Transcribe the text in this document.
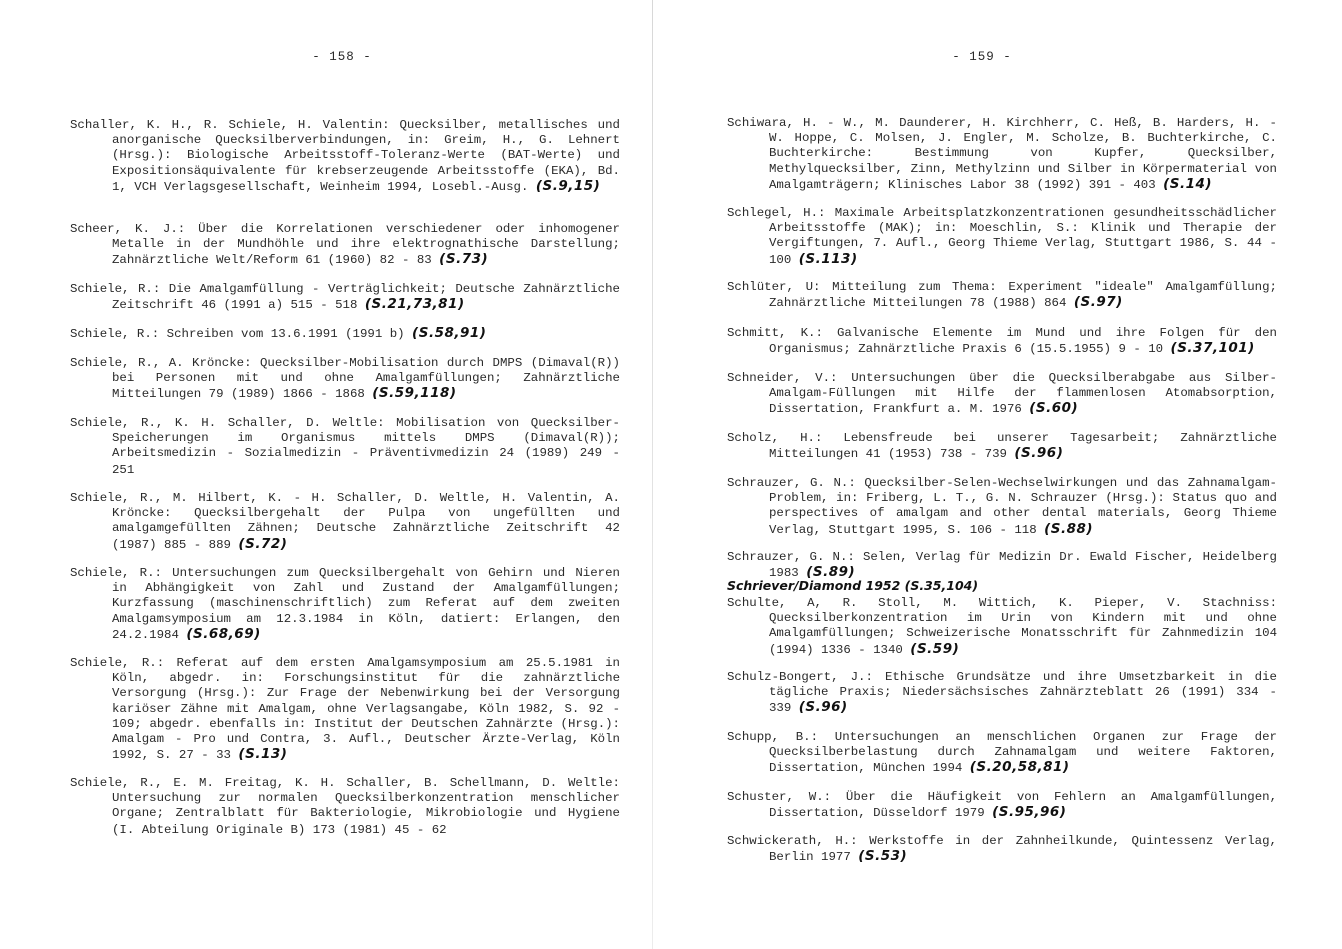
- 158 -
Schaller, K. H., R. Schiele, H. Valentin: Quecksilber, metallisches und anorganische Quecksilberverbindungen, in: Greim, H., G. Lehnert (Hrsg.): Biologische Arbeitsstoff-Toleranz-Werte (BAT-Werte) und Expositionsäquivalente für krebserzeugende Arbeitsstoffe (EKA), Bd. 1, VCH Verlagsgesellschaft, Weinheim 1994, Losebl.-Ausg. (S.9,15)
Scheer, K. J.: Über die Korrelationen verschiedener oder inhomogener Metalle in der Mundhöhle und ihre elektrognathische Darstellung; Zahnärztliche Welt/Reform 61 (1960) 82 - 83 (S.73)
Schiele, R.: Die Amalgamfüllung - Verträglichkeit; Deutsche Zahnärztliche Zeitschrift 46 (1991 a) 515 - 518 (S.21,73,81)
Schiele, R.: Schreiben vom 13.6.1991 (1991 b) (S.58,91)
Schiele, R., A. Kröncke: Quecksilber-Mobilisation durch DMPS (Dimaval(R)) bei Personen mit und ohne Amalgamfüllungen; Zahnärztliche Mitteilungen 79 (1989) 1866 - 1868 (S.59,118)
Schiele, R., K. H. Schaller, D. Weltle: Mobilisation von Quecksilber-Speicherungen im Organismus mittels DMPS (Dimaval(R)); Arbeitsmedizin - Sozialmedizin - Präventivmedizin 24 (1989) 249 - 251
Schiele, R., M. Hilbert, K. - H. Schaller, D. Weltle, H. Valentin, A. Kröncke: Quecksilbergehalt der Pulpa von ungefüllten und amalgamgefüllten Zähnen; Deutsche Zahnärztliche Zeitschrift 42 (1987) 885 - 889 (S.72)
Schiele, R.: Untersuchungen zum Quecksilbergehalt von Gehirn und Nieren in Abhängigkeit von Zahl und Zustand der Amalgamfüllungen; Kurzfassung (maschinenschriftlich) zum Referat auf dem zweiten Amalgamsymposium am 12.3.1984 in Köln, datiert: Erlangen, den 24.2.1984 (S.68,69)
Schiele, R.: Referat auf dem ersten Amalgamsymposium am 25.5.1981 in Köln, abgedr. in: Forschungsinstitut für die zahnärztliche Versorgung (Hrsg.): Zur Frage der Nebenwirkung bei der Versorgung kariöser Zähne mit Amalgam, ohne Verlagsangabe, Köln 1982, S. 92 - 109; abgedr. ebenfalls in: Institut der Deutschen Zahnärzte (Hrsg.): Amalgam - Pro und Contra, 3. Aufl., Deutscher Ärzte-Verlag, Köln 1992, S. 27 - 33 (S.13)
Schiele, R., E. M. Freitag, K. H. Schaller, B. Schellmann, D. Weltle: Untersuchung zur normalen Quecksilberkonzentration menschlicher Organe; Zentralblatt für Bakteriologie, Mikrobiologie und Hygiene (I. Abteilung Originale B) 173 (1981) 45 - 62
- 159 -
Schiwara, H. - W., M. Daunderer, H. Kirchherr, C. Heß, B. Harders, H. - W. Hoppe, C. Molsen, J. Engler, M. Scholze, B. Buchterkirche, C. Buchterkirche: Bestimmung von Kupfer, Quecksilber, Methylquecksilber, Zinn, Methylzinn und Silber in Körpermaterial von Amalgamträgern; Klinisches Labor 38 (1992) 391 - 403 (S.14)
Schlegel, H.: Maximale Arbeitsplatzkonzentrationen gesundheitsschädlicher Arbeitsstoffe (MAK); in: Moeschlin, S.: Klinik und Therapie der Vergiftungen, 7. Aufl., Georg Thieme Verlag, Stuttgart 1986, S. 44 - 100 (S.113)
Schlüter, U: Mitteilung zum Thema: Experiment "ideale" Amalgamfüllung; Zahnärztliche Mitteilungen 78 (1988) 864 (S.97)
Schmitt, K.: Galvanische Elemente im Mund und ihre Folgen für den Organismus; Zahnärztliche Praxis 6 (15.5.1955) 9 - 10 (S.37,101)
Schneider, V.: Untersuchungen über die Quecksilberabgabe aus Silber-Amalgam-Füllungen mit Hilfe der flammenlosen Atomabsorption, Dissertation, Frankfurt a. M. 1976 (S.60)
Scholz, H.: Lebensfreude bei unserer Tagesarbeit; Zahnärztliche Mitteilungen 41 (1953) 738 - 739 (S.96)
Schrauzer, G. N.: Quecksilber-Selen-Wechselwirkungen und das Zahnamalgam-Problem, in: Friberg, L. T., G. N. Schrauzer (Hrsg.): Status quo and perspectives of amalgam and other dental materials, Georg Thieme Verlag, Stuttgart 1995, S. 106 - 118 (S.88)
Schrauzer, G. N.: Selen, Verlag für Medizin Dr. Ewald Fischer, Heidelberg 1983 (S.89)
Schriever/Diamond 1952 (S.35,104)
Schulte, A, R. Stoll, M. Wittich, K. Pieper, V. Stachniss: Quecksilberkonzentration im Urin von Kindern mit und ohne Amalgamfüllungen; Schweizerische Monatsschrift für Zahnmedizin 104 (1994) 1336 - 1340 (S.59)
Schulz-Bongert, J.: Ethische Grundsätze und ihre Umsetzbarkeit in die tägliche Praxis; Niedersächsisches Zahnärzteblatt 26 (1991) 334 - 339 (S.96)
Schupp, B.: Untersuchungen an menschlichen Organen zur Frage der Quecksilberbelastung durch Zahnamalgam und weitere Faktoren, Dissertation, München 1994 (S.20,58,81)
Schuster, W.: Über die Häufigkeit von Fehlern an Amalgamfüllungen, Dissertation, Düsseldorf 1979 (S.95,96)
Schwickerath, H.: Werkstoffe in der Zahnheilkunde, Quintessenz Verlag, Berlin 1977 (S.53)
